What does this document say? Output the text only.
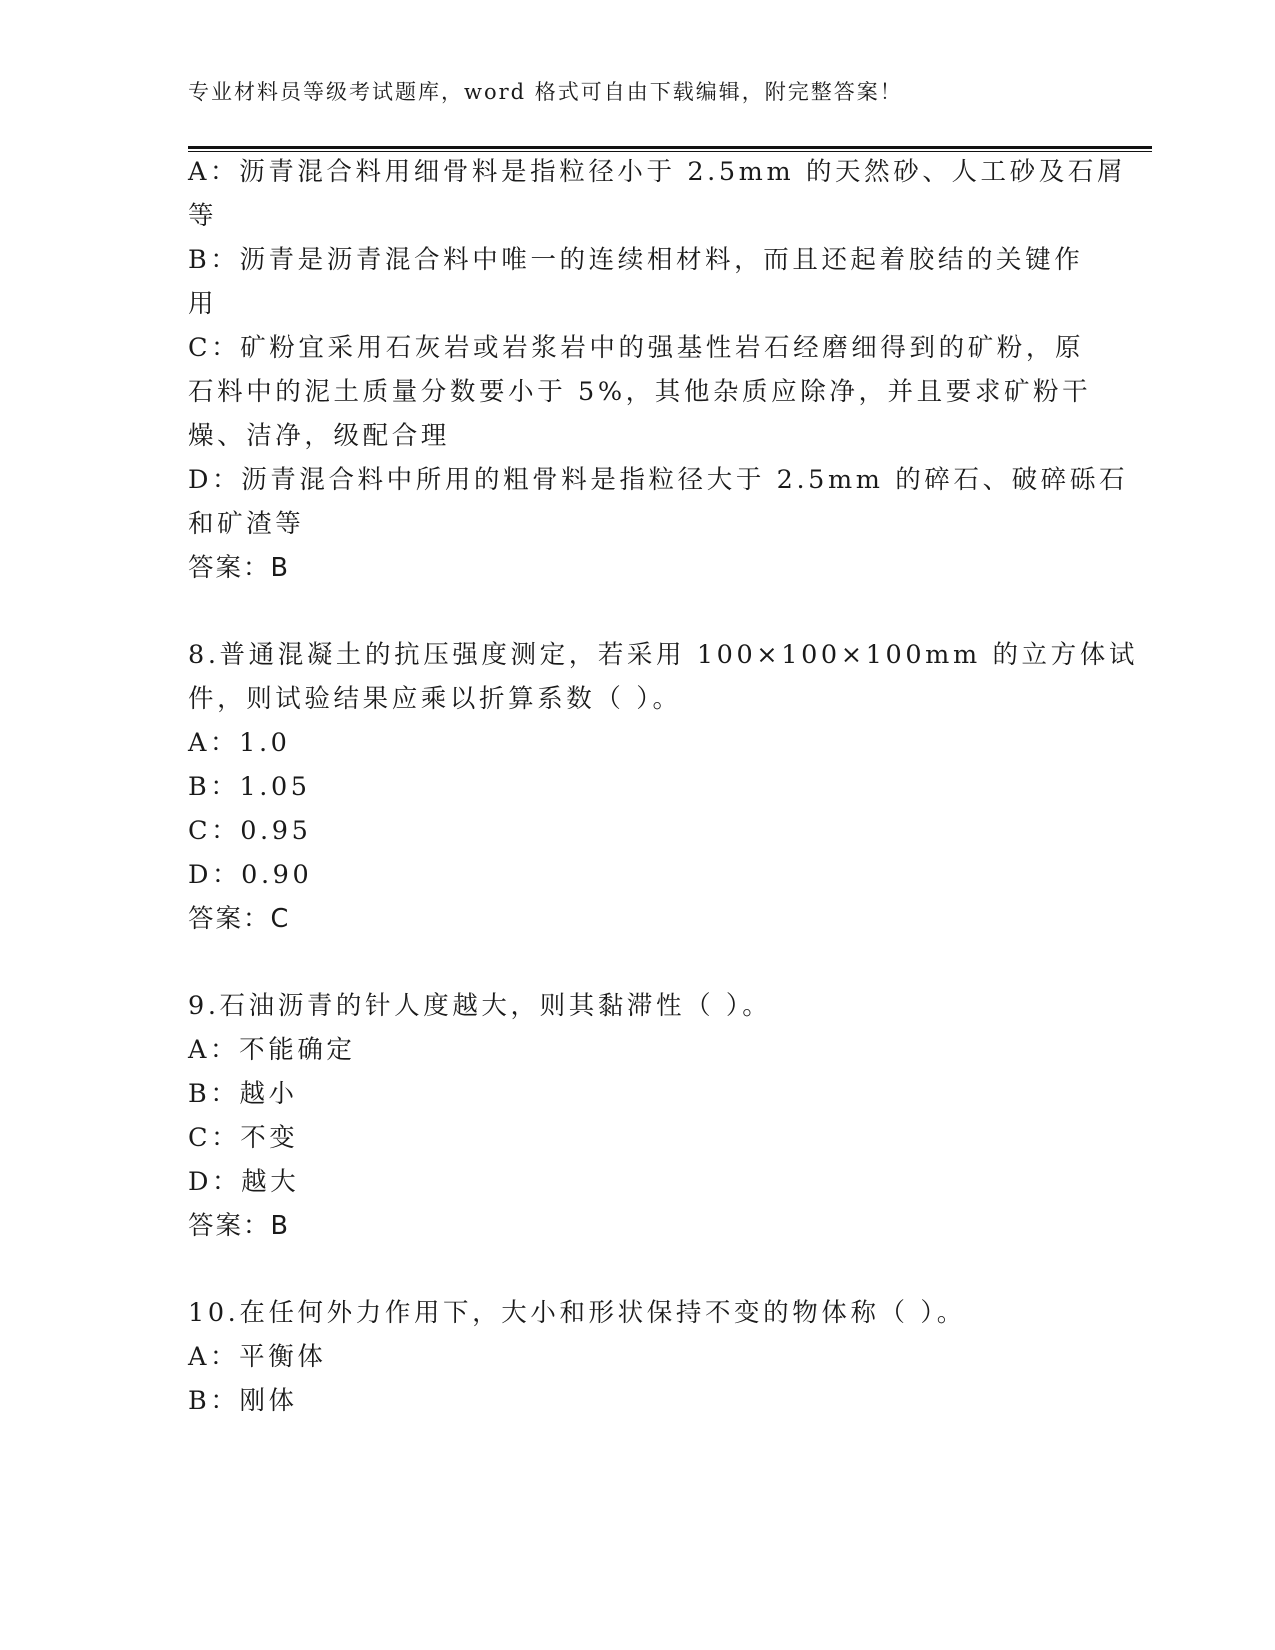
专业材料员等级考试题库，word 格式可自由下载编辑，附完整答案！
A：沥青混合料用细骨料是指粒径小于 2.5mm 的天然砂、人工砂及石屑
等
B：沥青是沥青混合料中唯一的连续相材料，而且还起着胶结的关键作
用
C：矿粉宜采用石灰岩或岩浆岩中的强基性岩石经磨细得到的矿粉，原
石料中的泥土质量分数要小于 5%，其他杂质应除净，并且要求矿粉干
燥、洁净，级配合理
D：沥青混合料中所用的粗骨料是指粒径大于 2.5mm 的碎石、破碎砾石
和矿渣等
答案：B
8.普通混凝土的抗压强度测定，若采用 100×100×100mm 的立方体试
件，则试验结果应乘以折算系数（ ）。
A：1.0
B：1.05
C：0.95
D：0.90
答案：C
9.石油沥青的针人度越大，则其黏滞性（ ）。
A：不能确定
B：越小
C：不变
D：越大
答案：B
10.在任何外力作用下，大小和形状保持不变的物体称（ ）。
A：平衡体
B：刚体
